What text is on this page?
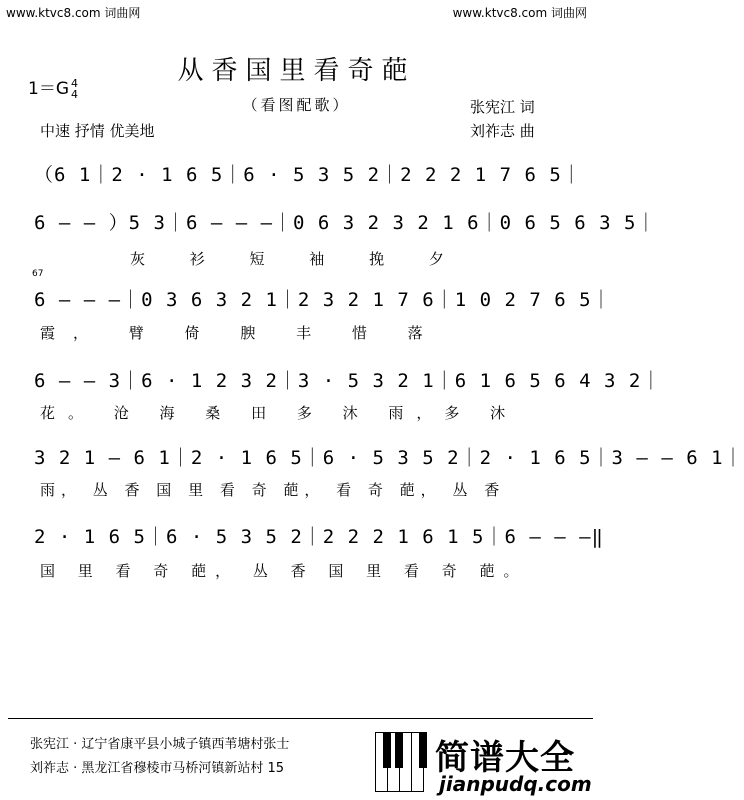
www.ktvc8.com 词曲网	www.ktvc8.com 词曲网
从香国里看奇葩
1＝G 4
4
（看图配歌）	张宪江 词
中速 抒情 优美地	刘祚志 曲
（6 1｜2 · 1 6 5｜6 · 5 3 5 2｜2 2 2 1 7 6 5｜
6 — — ）5 3｜6 — — —｜0 6 3 2 3 2 1 6｜0 6 5 6 3 5｜
灰 衫 短 袖 挽 夕
67
6 — — —｜0 3 6 3 2 1｜2 3 2 1 7 6｜1 0 2 7 6 5｜
霞， 臂 倚 腴 丰 惜 落
6 — — 3｜6 · 1 2 3 2｜3 · 5 3 2 1｜6 1 6 5 6 4 3 2｜
花。 沧 海 桑 田 多 沐 雨，多 沐
3 2 1 — 6 1｜2 · 1 6 5｜6 · 5 3 5 2｜2 · 1 6 5｜3 — — 6 1｜
雨， 丛 香 国 里 看 奇 葩， 看 奇 葩， 丛 香
2 · 1 6 5｜6 · 5 3 5 2｜2 2 2 1 6 1 5｜6 — — —‖
国 里 看 奇 葩， 丛 香 国 里 看 奇 葩。
张宪江 · 辽宁省康平县小城子镇西苇塘村张士
刘祚志 · 黑龙江省穆棱市马桥河镇新站村 15	简谱大全
jianpudq.com
